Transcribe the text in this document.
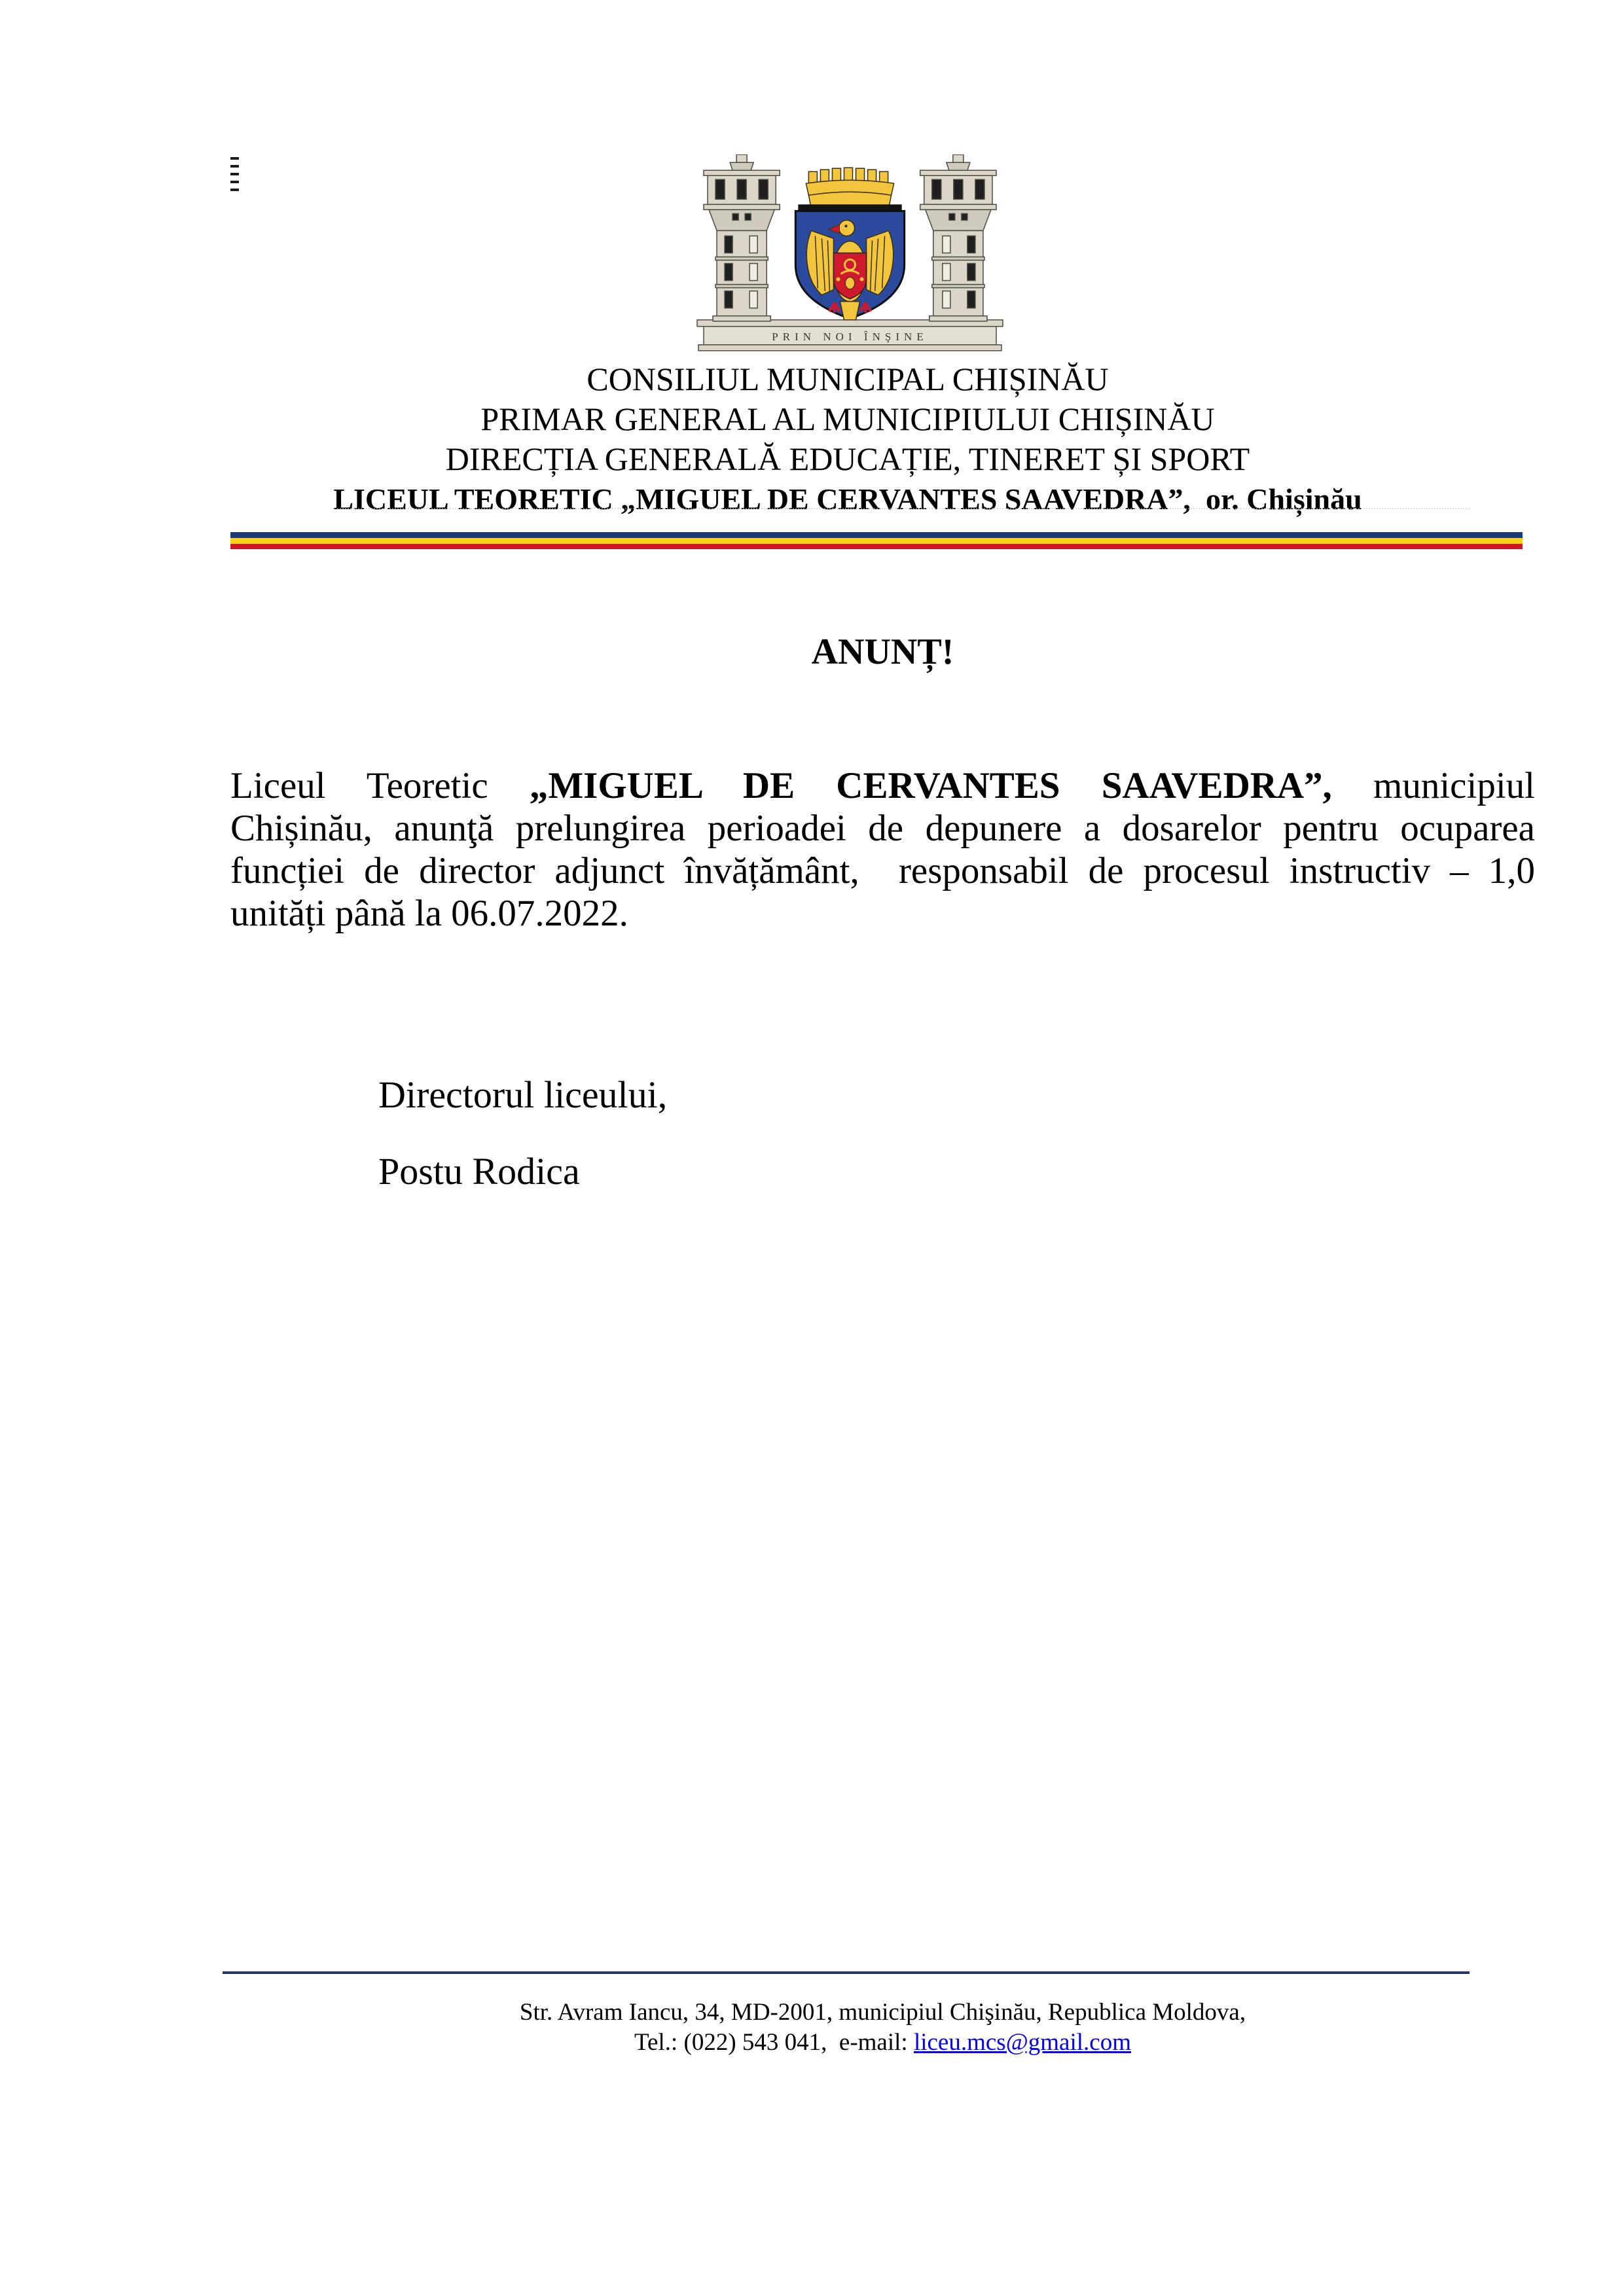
PRIN NOI ÎNŞINE
CONSILIUL MUNICIPAL CHIȘINĂU
PRIMAR GENERAL AL MUNICIPIULUI CHIȘINĂU
DIRECȚIA GENERALĂ EDUCAȚIE, TINERET ȘI SPORT
LICEUL TEORETIC „MIGUEL DE CERVANTES SAAVEDRA”,  or. Chișinău
ANUNȚ!
Liceul Teoretic „MIGUEL DE CERVANTES SAAVEDRA”, municipiul
Chișinău, anunţă prelungirea perioadei de depunere a dosarelor pentru ocuparea
funcției de director adjunct învățământ,  responsabil de procesul instructiv – 1,0
unități până la 06.07.2022.
Directorul liceului,
Postu Rodica
Str. Avram Iancu, 34, MD-2001, municipiul Chişinău, Republica Moldova,
Tel.: (022) 543 041,  e-mail: liceu.mcs@gmail.com
